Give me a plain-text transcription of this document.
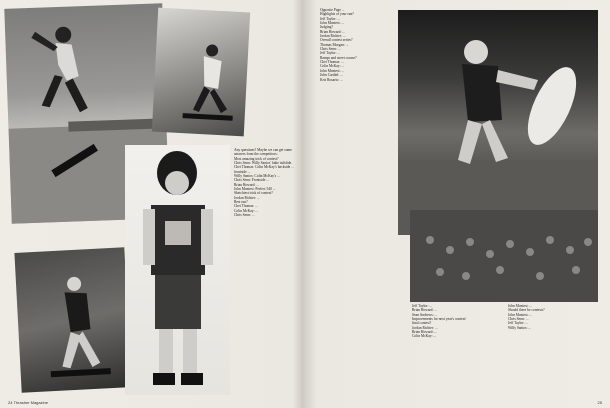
Any questions? Maybe we can get some answers from the competitors:
Most amazing trick of contest?
Chris Senn: Willy Santos' fakie tailslide.
Chet Thomas: Colin McKay's backside ... frontside ...
Willy Santos: Colin McKay's ...
Chris Senn: Frontside ...
Brian Howard: ...
John Montesi: Perfect 540 ...
Sketchiest trick of contest?
Jordan Richter: ...
Best run?
Chet Thomas: ...
Colin McKay: ...
Chris Senn: ...
Opposite Page ...
Highlights of your run?
Jeff Taylor: ...
John Montesi: ...
Judging?
Brian Howard: ...
Jordan Richter: ...
Overall contest series?
Thomas Morgan: ...
Chris Senn: ...
Jeff Taylor: ...
Ramps and street course?
Chet Thomas: ...
Colin McKay: ...
John Montesi: ...
John Cardiel: ...
Kris Rosario: ...
Jeff Taylor: ...
Brian Howard: ...
Sean Andrews: ...
Improvements for next year's contest/
final contest?
Jordan Richter: ...
Brian Howard: ...
Colin McKay: ...
John Montesi: ...
Should there be contests?
John Montesi: ...
Chris Senn: ...
Jeff Taylor: ...
Willy Santos: ...
24 Thrasher Magazine	25
